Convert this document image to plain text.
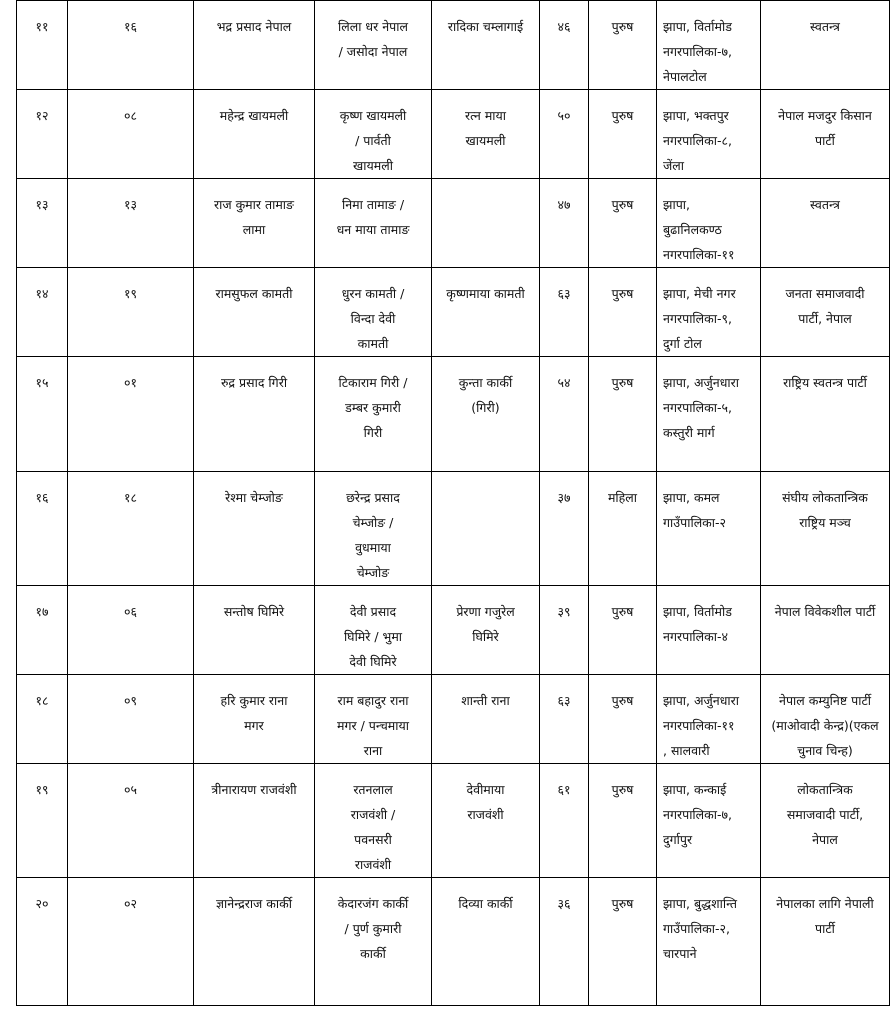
११	१६	भद्र प्रसाद नेपाल	लिला धर नेपाल
/ जसोदा नेपाल	रादिका चम्लागाई	४६	पुरुष	झापा, विर्तामोड
नगरपालिका-७,
नेपालटोल	स्वतन्त्र

१२	०८	महेन्द्र खायमली	कृष्ण खायमली
/ पार्वती
खायमली	रत्न माया
खायमली	५०	पुरुष	झापा, भक्तपुर
नगरपालिका-८,
जेंला	नेपाल मजदुर किसान
पार्टी

१३	१३	राज कुमार तामाङ
लामा	निमा तामाङ /
धन माया तामाङ		४७	पुरुष	झापा,
बुढानिलकण्ठ
नगरपालिका-११	स्वतन्त्र

१४	१९	रामसुफल कामती	धुरन कामती /
विन्दा देवी
कामती	कृष्णमाया कामती	६३	पुरुष	झापा, मेची नगर
नगरपालिका-९,
दुर्गा टोल	जनता समाजवादी
पार्टी, नेपाल

१५	०१	रुद्र प्रसाद गिरी	टिकाराम गिरी /
डम्बर कुमारी
गिरी	कुन्ता कार्की
(गिरी)	५४	पुरुष	झापा, अर्जुनधारा
नगरपालिका-५,
कस्तुरी मार्ग	राष्ट्रिय स्वतन्त्र पार्टी

१६	१८	रेश्मा चेम्जोङ	छरेन्द्र प्रसाद
चेम्जोङ /
वुधमाया
चेम्जोङ		३७	महिला	झापा, कमल
गाउँपालिका-२	संघीय लोकतान्त्रिक
राष्ट्रिय मञ्च

१७	०६	सन्तोष घिमिरे	देवी प्रसाद
घिमिरे / भुमा
देवी घिमिरे	प्रेरणा गजुरेल
घिमिरे	३९	पुरुष	झापा, विर्तामोड
नगरपालिका-४	नेपाल विवेकशील पार्टी

१८	०९	हरि कुमार राना
मगर	राम बहादुर राना
मगर / पन्चमाया
राना	शान्ती राना	६३	पुरुष	झापा, अर्जुनधारा
नगरपालिका-११
, सालवारी	नेपाल कम्युनिष्ट पार्टी
(माओवादी केन्द्र)(एकल
चुनाव चिन्ह)

१९	०५	त्रीनारायण राजवंशी	रतनलाल
राजवंशी /
पवनसरी
राजवंशी	देवीमाया
राजवंशी	६१	पुरुष	झापा, कन्काई
नगरपालिका-७,
दुर्गापुर	लोकतान्त्रिक
समाजवादी पार्टी,
नेपाल

२०	०२	ज्ञानेन्द्रराज कार्की	केदारजंग कार्की
/ पुर्ण कुमारी
कार्की	दिव्या कार्की	३६	पुरुष	झापा, बुद्धशान्ति
गाउँपालिका-२,
चारपाने	नेपालका लागि नेपाली
पार्टी
